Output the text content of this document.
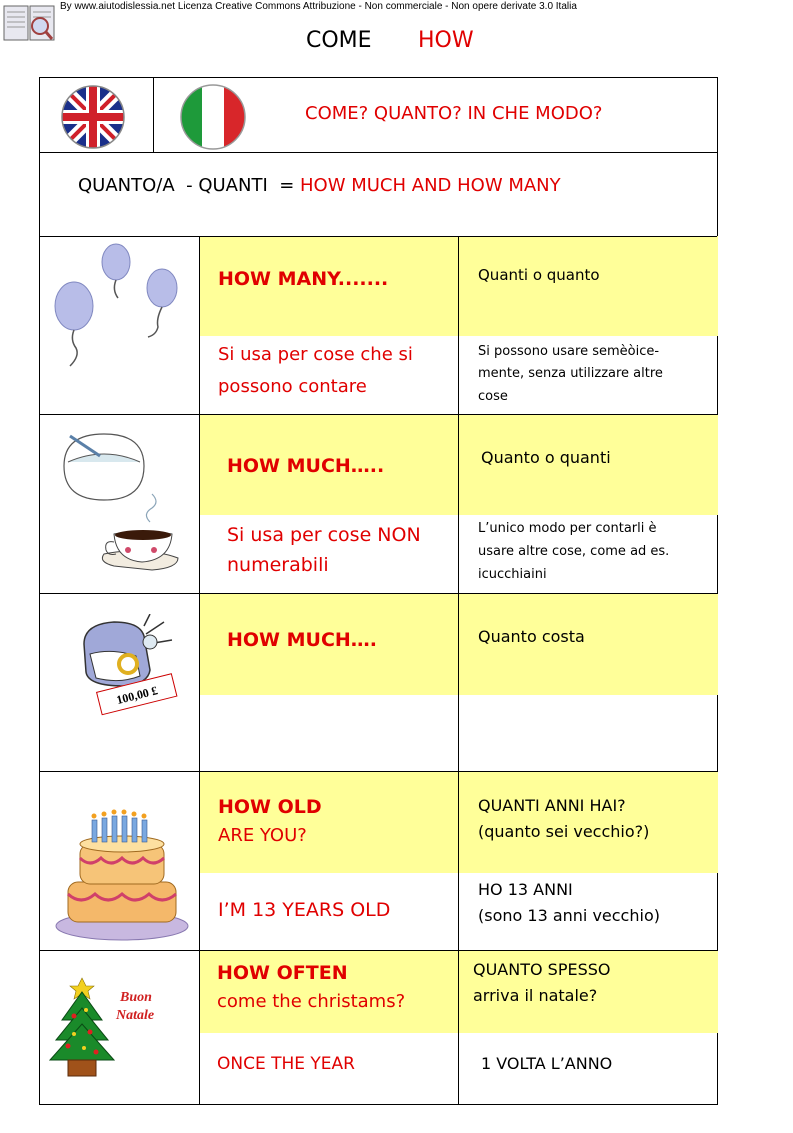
By www.aiutodislessia.net Licenza Creative Commons Attribuzione - Non commerciale - Non opere derivate 3.0 Italia
COME HOW
COME? QUANTO? IN CHE MODO?
QUANTO/A  - QUANTI  = HOW MUCH AND HOW MANY
HOW MANY.......
Si usa per cose che si
possono contare
Quanti o quanto
Si possono usare semèòice-
mente, senza utilizzare altre
cose
HOW MUCH…..
Si usa per cose NON
numerabili
Quanto o quanti
L’unico modo per contarli è
usare altre cose, come ad es.
icucchiaini
100,00 £
HOW MUCH….	Quanto costa
HOW OLD
ARE YOU?
I’M 13 YEARS OLD
QUANTI ANNI HAI?
(quanto sei vecchio?)
HO 13 ANNI
(sono 13 anni vecchio)
Buon
Natale
HOW OFTEN
come the christams?
ONCE THE YEAR
QUANTO SPESSO
arriva il natale?
1 VOLTA L’ANNO
